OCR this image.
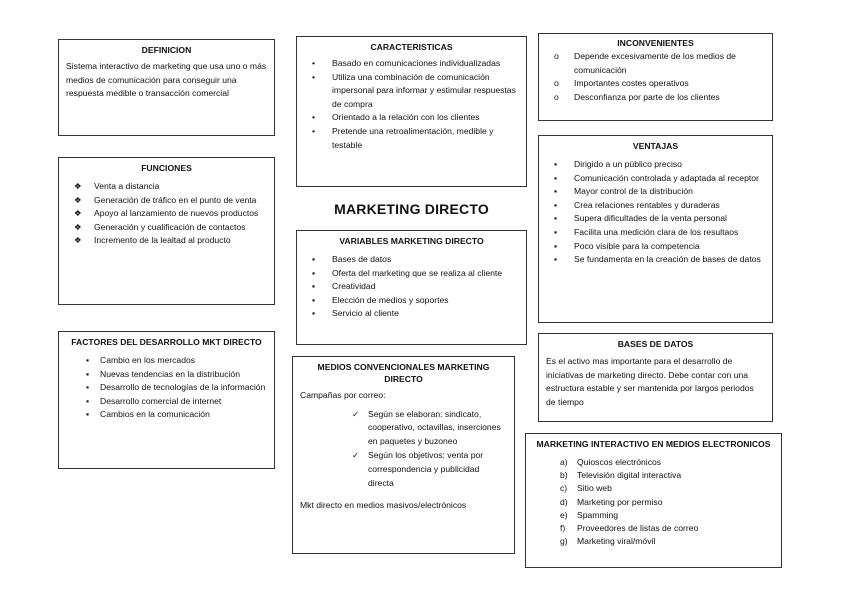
MARKETING DIRECTO
DEFINICION

Sistema interactivo de marketing que usa uno o más medios de comunicación para conseguir una respuesta medible o transacción comercial

CARACTERISTICAS
• Basado en comunicaciones individualizadas
• Utiliza una combinación de comunicación impersonal para informar y estimular respuestas de compra
• Orientado a la relación con los clientes
• Pretende una retroalimentación, medible y testable
INCONVENIENTES
o Depende excesivamente de los medios de comunicación
o Importantes costes operativos
o Desconfianza por parte de los clientes
FUNCIONES
❖ Venta a distancia
❖ Generación de tráfico en el punto de venta
❖ Apoyo al lanzamiento de nuevos productos
❖ Generación y cualificación de contactos
❖ Incremento de la lealtad al producto
VENTAJAS
▪ Dirigido a un público preciso
▪ Comunicación controlada y adaptada al receptor
▪ Mayor control de la distribución
▪ Crea relaciones rentables y duraderas
▪ Supera dificultades de la venta personal
▪ Facilita una medición clara de los resultaos
▪ Poco visible para la competencia
▪ Se fundamenta en la creación de bases de datos
VARIABLES MARKETING DIRECTO
▪ Bases de datos
▪ Oferta del marketing que se realiza al cliente
▪ Creatividad
▪ Elección de medios y soportes
▪ Servicio al cliente
FACTORES DEL DESARROLLO MKT DIRECTO
▪ Cambio en los mercados
▪ Nuevas tendencias en la distribución
▪ Desarrollo de tecnologías de la información
▪ Desarrollo comercial de internet
▪ Cambios en la comunicación
MEDIOS CONVENCIONALES MARKETING DIRECTO

Campañas por correo:

✓ Según se elaboran: sindicato, cooperativo, octavillas, inserciones en paquetes y buzoneo
✓ Según los objetivos: venta por correspondencia y publicidad directa

Mkt directo en medios masivos/electrónicos

BASES DE DATOS

Es el activo mas importante para el desarrollo de iniciativas de marketing directo. Debe contar con una estructura estable y ser mantenida por largos periodos de tiempo

MARKETING INTERACTIVO EN MEDIOS ELECTRONICOS
a) Quioscos electrónicos
b) Televisión digital interactiva
c) Sitio web
d) Marketing por permiso
e) Spamming
f) Proveedores de listas de correo
g) Marketing viral/móvil
